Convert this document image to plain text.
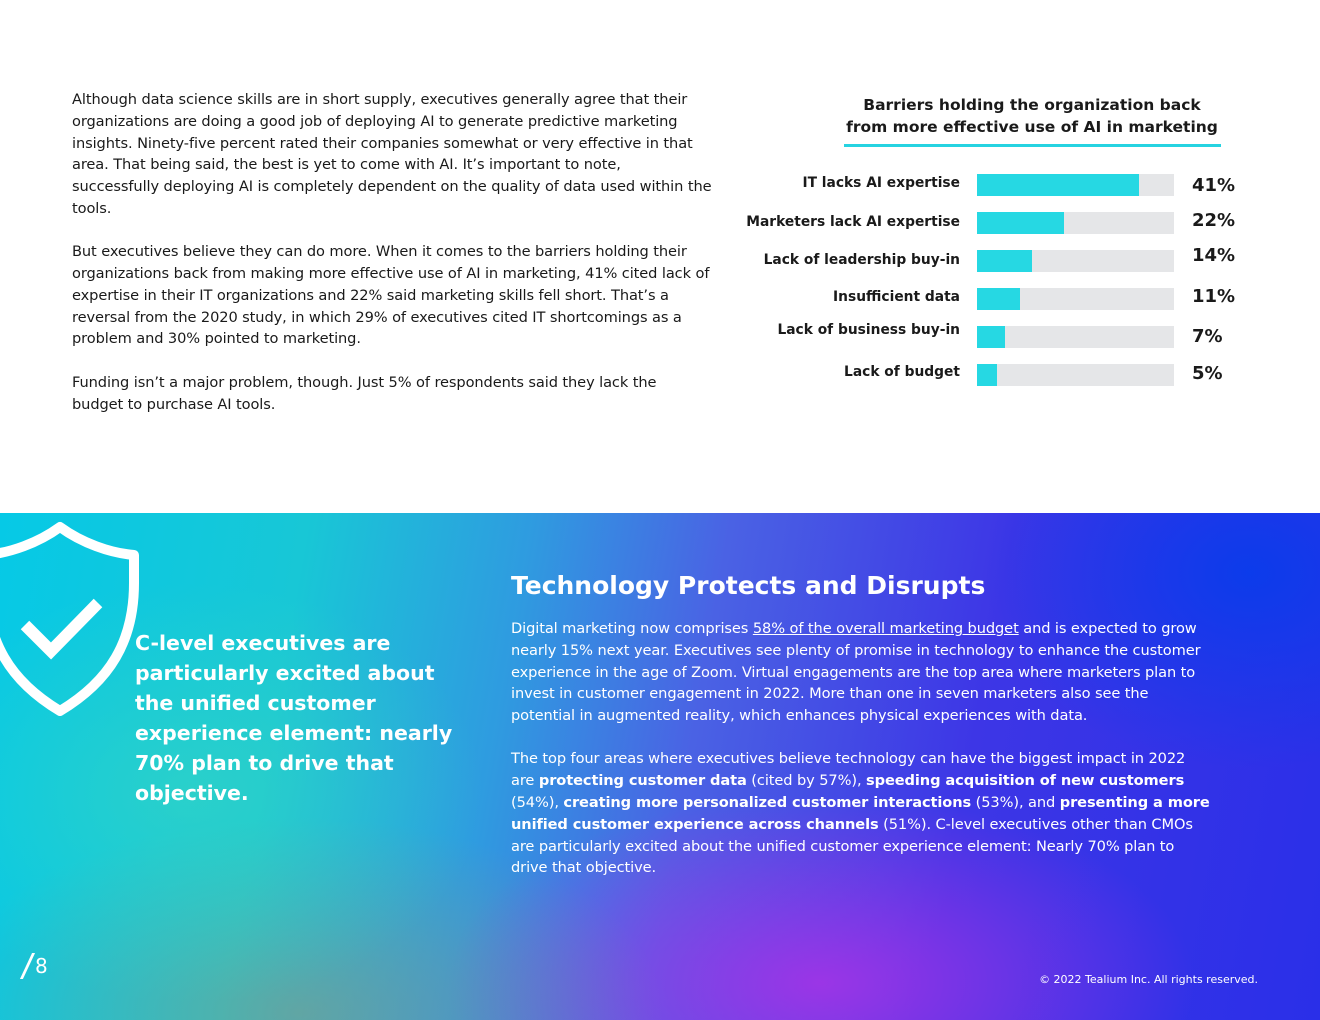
Although data science skills are in short supply, executives generally agree that their organizations are doing a good job of deploying AI to generate predictive marketing insights. Ninety-five percent rated their companies somewhat or very effective in that area. That being said, the best is yet to come with AI. It’s important to note, successfully deploying AI is completely dependent on the quality of data used within the tools.

But executives believe they can do more. When it comes to the barriers holding their organizations back from making more effective use of AI in marketing, 41% cited lack of expertise in their IT organizations and 22% said marketing skills fell short. That’s a reversal from the 2020 study, in which 29% of executives cited IT shortcomings as a problem and 30% pointed to marketing.

Funding isn’t a major problem, though. Just 5% of respondents said they lack the budget to purchase AI tools.

Barriers holding the organization back
from more effective use of AI in marketing
IT lacks AI expertise	41%
Marketers lack AI expertise	22%
Lack of leadership buy-in	14%
Insufficient data	11%
Lack of business buy-in	7%
Lack of budget	5%
C-level executives are particularly excited about the unified customer experience element: nearly 70% plan to drive that objective.
Technology Protects and Disrupts

Digital marketing now comprises 58% of the overall marketing budget and is expected to grow nearly 15% next year. Executives see plenty of promise in technology to enhance the customer experience in the age of Zoom. Virtual engagements are the top area where marketers plan to invest in customer engagement in 2022. More than one in seven marketers also see the potential in augmented reality, which enhances physical experiences with data.

The top four areas where executives believe technology can have the biggest impact in 2022 are protecting customer data (cited by 57%), speeding acquisition of new customers (54%), creating more personalized customer interactions (53%), and presenting a more unified customer experience across channels (51%). C-level executives other than CMOs are particularly excited about the unified customer experience element: Nearly 70% plan to drive that objective.

8
© 2022 Tealium Inc. All rights reserved.
